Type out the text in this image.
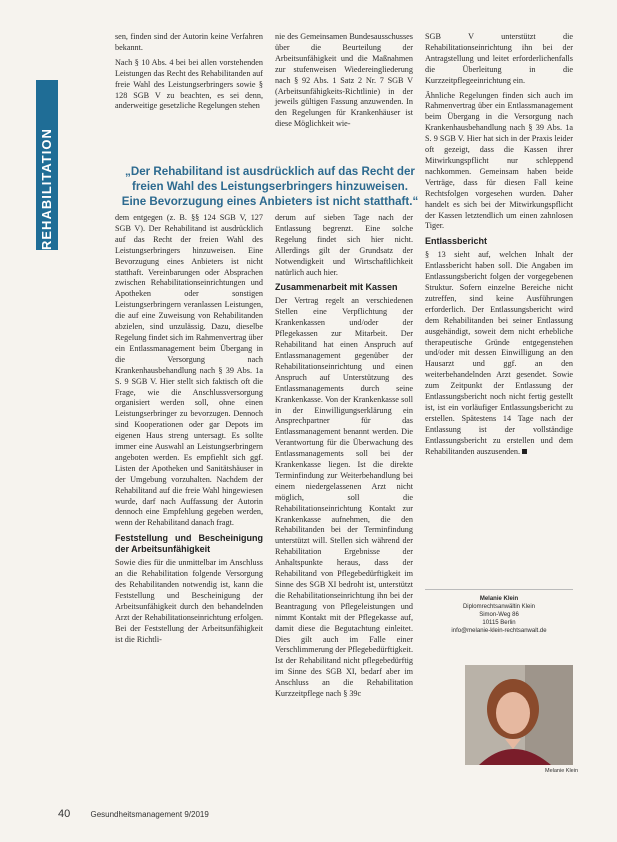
sen, finden sind der Autorin keine Verfahren bekannt.

Nach § 10 Abs. 4 bei bei allen vorstehenden Leistungen das Recht des Rehabilitanden auf freie Wahl des Leistungserbringers sowie § 128 SGB V zu beachten, es sei denn, anderweitige gesetzliche Regelungen stehen

nie des Gemeinsamen Bundesausschusses über die Beurteilung der Arbeitsunfähigkeit und die Maßnahmen zur stufenweisen Wiedereingliederung nach § 92 Abs. 1 Satz 2 Nr. 7 SGB V (Arbeitsunfähigkeits-Richtlinie) in der jeweils gültigen Fassung anzuwenden. In den Regelungen für Krankenhäuser ist diese Möglichkeit wie-

SGB V unterstützt die Rehabilitationseinrichtung ihn bei der Antragstellung und leitet erforderlichenfalls die Überleitung in die Kurzzeitpflegeeinrichtung ein.

Ähnliche Regelungen finden sich auch im Rahmenvertrag über ein Entlassmanagement beim Übergang in die Versorgung nach Krankenhausbehandlung nach § 39 Abs. 1a S. 9 SGB V. Hier hat sich in der Praxis leider oft gezeigt, dass die Kassen ihrer Mitwirkungspflicht nur schleppend nachkommen. Gemeinsam haben beide Verträge, dass für diesen Fall keine Rechtsfolgen vorgesehen wurden. Daher handelt es sich bei der Mitwirkungspflicht der Kassen letztendlich um einen zahnlosen Tiger.

Entlassbericht

§ 13 sieht auf, welchen Inhalt der Entlassbericht haben soll. Die Angaben im Entlassungsbericht folgen der vorgegebenen Struktur. Sofern einzelne Bereiche nicht zutreffen, sind keine Ausführungen erforderlich. Der Entlassungsbericht wird dem Rehabilitanden bei seiner Entlassung ausgehändigt, soweit dem nicht erhebliche therapeutische Gründe entgegenstehen und/oder mit dessen Einwilligung an den Hausarzt und ggf. an den weiterbehandelnden Arzt gesendet. Sowie zum Zeitpunkt der Entlassung der Entlassungsbericht noch nicht fertig gestellt ist, ist ein vorläufiger Entlassungsbericht zu erstellen. Spätestens 14 Tage nach der Entlassung ist der vollständige Entlassungsbericht zu erstellen und dem Rehabilitanden auszusenden.

„Der Rehabilitand ist ausdrücklich auf das Recht der freien Wahl des Leistungserbringers hinzuweisen. Eine Bevorzugung eines Anbieters ist nicht statthaft.“

dem entgegen (z. B. §§ 124 SGB V, 127 SGB V). Der Rehabilitand ist ausdrücklich auf das Recht der freien Wahl des Leistungserbringers hinzuweisen. Eine Bevorzugung eines Anbieters ist nicht statthaft. Vereinbarungen oder Absprachen zwischen Rehabilitationseinrichtungen und Apotheken oder sonstigen Leistungserbringern veranlassen Leistungen, die auf eine Zuweisung von Rehabilitanden abzielen, sind unzulässig. Dazu, dieselbe Regelung findet sich im Rahmenvertrag über ein Entlassmanagement beim Übergang in die Versorgung nach Krankenhausbehandlung nach § 39 Abs. 1a S. 9 SGB V. Hier stellt sich faktisch oft die Frage, wie die Anschlussversorgung organisiert werden soll, ohne einen Leistungserbringer zu bevorzugen. Dennoch sind Kooperationen oder gar Depots im eigenen Haus streng untersagt. Es sollte immer eine Auswahl an Leistungserbringern angeboten werden. Es empfiehlt sich ggf. Listen der Apotheken und Sanitätshäuser in der Umgebung vorzuhalten. Nachdem der Rehabilitand auf die freie Wahl hingewiesen wurde, darf nach Auffassung der Autorin dennoch eine Empfehlung gegeben werden, wenn der Rehabilitand danach fragt.

Feststellung und Bescheinigung der Arbeitsunfähigkeit

Sowie dies für die unmittelbar im Anschluss an die Rehabilitation folgende Versorgung des Rehabilitanden notwendig ist, kann die Feststellung und Bescheinigung der Arbeitsunfähigkeit durch den behandelnden Arzt der Rehabilitationseinrichtung erfolgen. Bei der Feststellung der Arbeitsunfähigkeit ist die Richtli-

derum auf sieben Tage nach der Entlassung begrenzt. Eine solche Regelung findet sich hier nicht. Allerdings gilt der Grundsatz der Notwendigkeit und Wirtschaftlichkeit natürlich auch hier.

Zusammenarbeit mit Kassen

Der Vertrag regelt an verschiedenen Stellen eine Verpflichtung der Krankenkassen und/oder der Pflegekassen zur Mitarbeit. Der Rehabilitand hat einen Anspruch auf Entlassmanagement gegenüber der Rehabilitationseinrichtung und einen Anspruch auf Unterstützung des Entlassmanagements durch seine Krankenkasse. Von der Krankenkasse soll in der Einwilligungserklärung ein Ansprechpartner für das Entlassmanagement benannt werden. Die Verantwortung für die Überwachung des Entlassmanagements soll bei der Krankenkasse liegen. Ist die direkte Terminfindung zur Weiterbehandlung bei einem niedergelassenen Arzt nicht möglich, soll die Rehabilitationseinrichtung Kontakt zur Krankenkasse aufnehmen, die den Rehabilitanden bei der Terminfindung unterstützt will. Stellen sich während der Rehabilitation Ergebnisse der Anhaltspunkte heraus, dass der Rehabilitand von Pflegebedürftigkeit im Sinne des SGB XI bedroht ist, unterstützt die Rehabilitationseinrichtung ihn bei der Beantragung von Pflegeleistungen und nimmt Kontakt mit der Pflegekasse auf, damit diese die Begutachtung einleitet. Dies gilt auch im Falle einer Verschlimmerung der Pflegebedürftigkeit. Ist der Rehabilitand nicht pflegebedürftig im Sinne des SGB XI, bedarf aber im Anschluss an die Rehabilitation Kurzzeitpflege nach § 39c

Melanie Klein
Diplomrechtsanwältin Klein
Simon-Weg 86
10115 Berlin
info@melanie-klein-rechtsanwalt.de
Melanie Klein
40	Gesundheitsmanagement 9/2019
